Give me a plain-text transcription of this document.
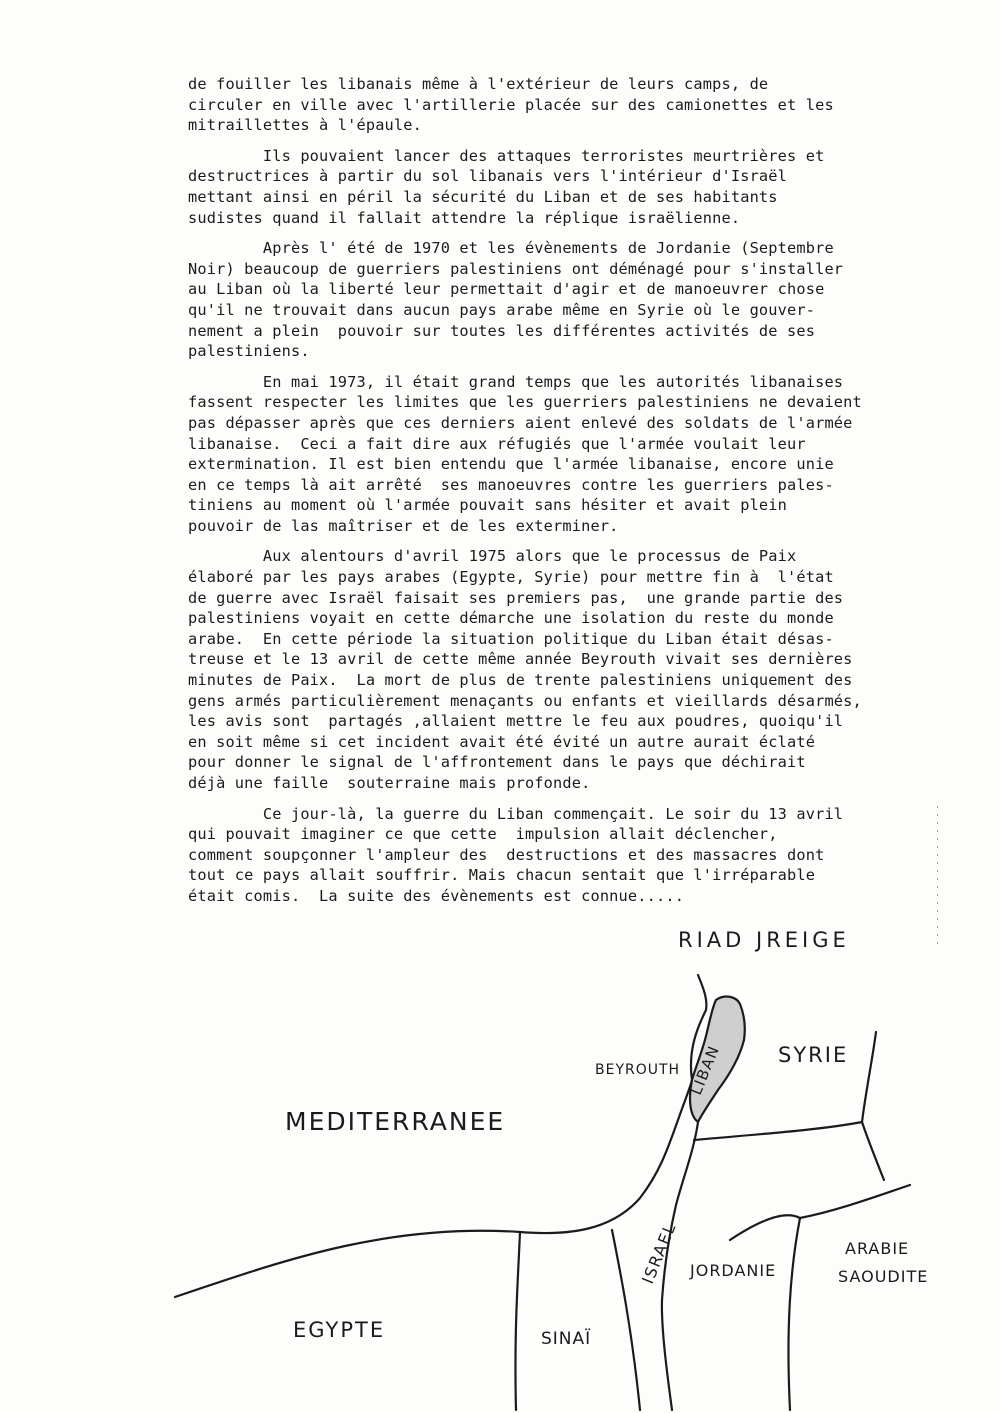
de fouiller les libanais même à l'extérieur de leurs camps, de
circuler en ville avec l'artillerie placée sur des camionettes et les
mitraillettes à l'épaule.

Ils pouvaient lancer des attaques terroristes meurtrières et
destructrices à partir du sol libanais vers l'intérieur d'Israël
mettant ainsi en péril la sécurité du Liban et de ses habitants
sudistes quand il fallait attendre la réplique israëlienne.

Après l' été de 1970 et les évènements de Jordanie (Septembre
Noir) beaucoup de guerriers palestiniens ont déménagé pour s'installer
au Liban où la liberté leur permettait d'agir et de manoeuvrer chose
qu'il ne trouvait dans aucun pays arabe même en Syrie où le gouver-
nement a plein  pouvoir sur toutes les différentes activités de ses
palestiniens.

En mai 1973, il était grand temps que les autorités libanaises
fassent respecter les limites que les guerriers palestiniens ne devaient
pas dépasser après que ces derniers aient enlevé des soldats de l'armée
libanaise.  Ceci a fait dire aux réfugiés que l'armée voulait leur
extermination. Il est bien entendu que l'armée libanaise, encore unie
en ce temps là ait arrêté  ses manoeuvres contre les guerriers pales-
tiniens au moment où l'armée pouvait sans hésiter et avait plein
pouvoir de las maîtriser et de les exterminer.

Aux alentours d'avril 1975 alors que le processus de Paix
élaboré par les pays arabes (Egypte, Syrie) pour mettre fin à  l'état
de guerre avec Israël faisait ses premiers pas,  une grande partie des
palestiniens voyait en cette démarche une isolation du reste du monde
arabe.  En cette période la situation politique du Liban était désas-
treuse et le 13 avril de cette même année Beyrouth vivait ses dernières
minutes de Paix.  La mort de plus de trente palestiniens uniquement des
gens armés particulièrement menaçants ou enfants et vieillards désarmés,
les avis sont  partagés ,allaient mettre le feu aux poudres, quoiqu'il
en soit même si cet incident avait été évité un autre aurait éclaté
pour donner le signal de l'affrontement dans le pays que déchirait
déjà une faille  souterraine mais profonde.

Ce jour-là, la guerre du Liban commençait. Le soir du 13 avril
qui pouvait imaginer ce que cette  impulsion allait déclencher,
comment soupçonner l'ampleur des  destructions et des massacres dont
tout ce pays allait souffrir. Mais chacun sentait que l'irréparable
était comis.  La suite des évènements est connue.....

RIAD JREIGE
MEDITERRANEE
BEYROUTH LIBAN	SYRIE
ISRAEL JORDANIE
ARABIE
SAOUDITE
EGYPTE	SINAÏ
